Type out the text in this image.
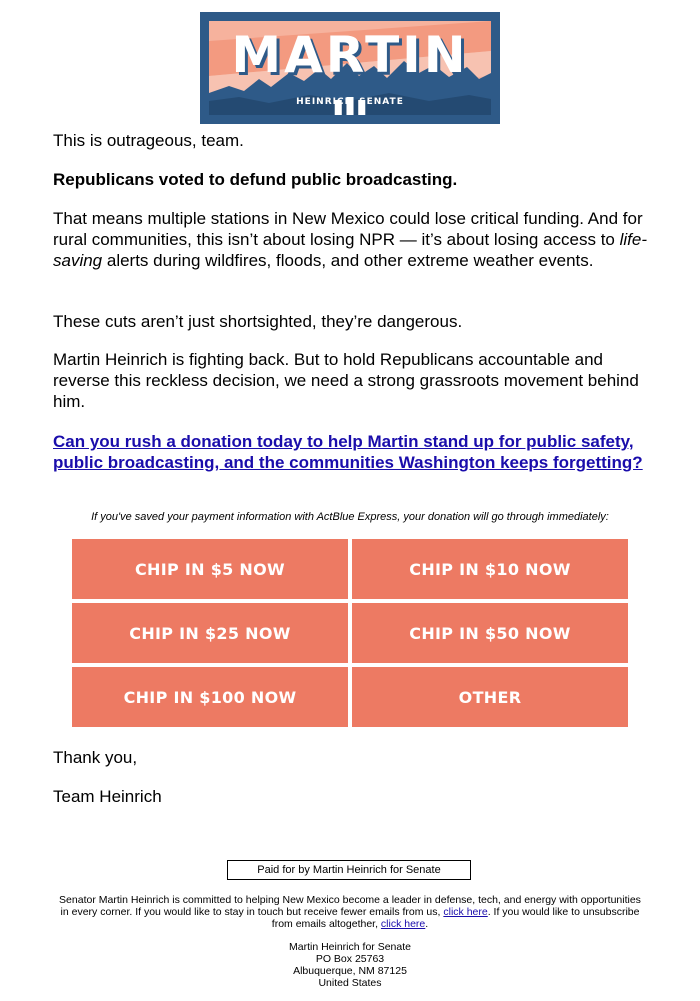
MARTIN
HEINRICH SENATE

This is outrageous, team.

Republicans voted to defund public broadcasting.

That means multiple stations in New Mexico could lose critical funding. And for rural communities, this isn’t about losing NPR — it’s about losing access to life-saving alerts during wildfires, floods, and other extreme weather events.

These cuts aren’t just shortsighted, they’re dangerous.

Martin Heinrich is fighting back. But to hold Republicans accountable and reverse this reckless decision, we need a strong grassroots movement behind him.

Can you rush a donation today to help Martin stand up for public safety, public broadcasting, and the communities Washington keeps forgetting?

If you've saved your payment information with ActBlue Express, your donation will go through immediately:
CHIP IN $5 NOW	CHIP IN $10 NOW
CHIP IN $25 NOW	CHIP IN $50 NOW
CHIP IN $100 NOW	OTHER

Thank you,

Team Heinrich

Paid for by Martin Heinrich for Senate
Senator Martin Heinrich is committed to helping New Mexico become a leader in defense, tech, and energy with opportunities in every corner. If you would like to stay in touch but receive fewer emails from us, click here. If you would like to unsubscribe from emails altogether, click here.
Martin Heinrich for Senate
PO Box 25763
Albuquerque, NM 87125
United States
